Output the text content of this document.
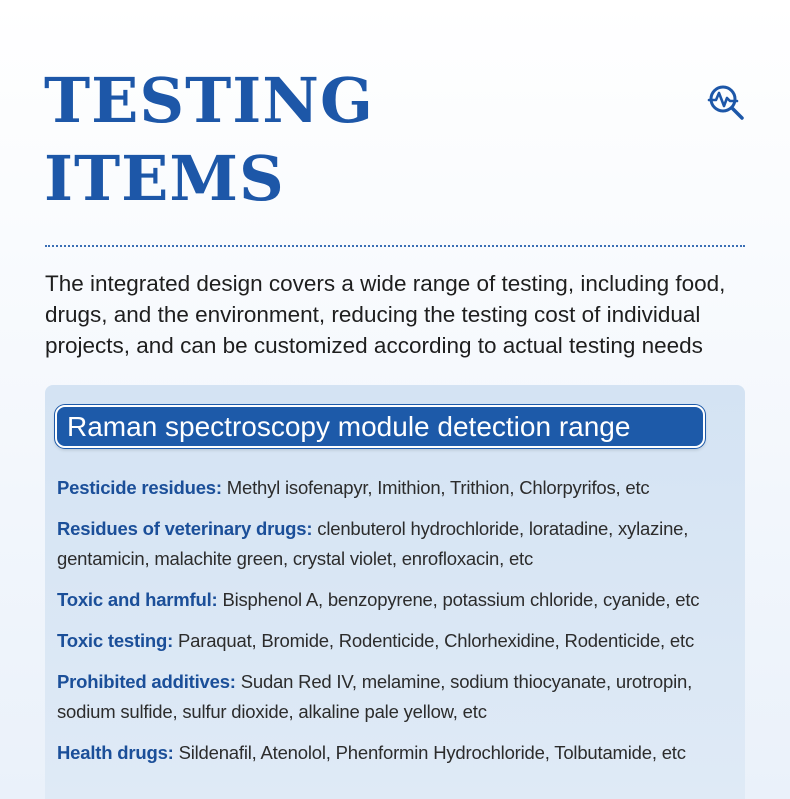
TESTING
ITEMS

The integrated design covers a wide range of testing, including food, drugs, and the environment, reducing the testing cost of individual projects, and can be customized according to actual testing needs

Raman spectroscopy module detection range

Pesticide residues: Methyl isofenapyr, Imithion, Trithion, Chlorpyrifos, etc

Residues of veterinary drugs: clenbuterol hydrochloride, loratadine, xylazine, gentamicin, malachite green, crystal violet, enrofloxacin, etc

Toxic and harmful: Bisphenol A, benzopyrene, potassium chloride, cyanide, etc

Toxic testing: Paraquat, Bromide, Rodenticide, Chlorhexidine, Rodenticide, etc

Prohibited additives: Sudan Red IV, melamine, sodium thiocyanate, urotropin, sodium sulfide, sulfur dioxide, alkaline pale yellow, etc

Health drugs: Sildenafil, Atenolol, Phenformin Hydrochloride, Tolbutamide, etc
